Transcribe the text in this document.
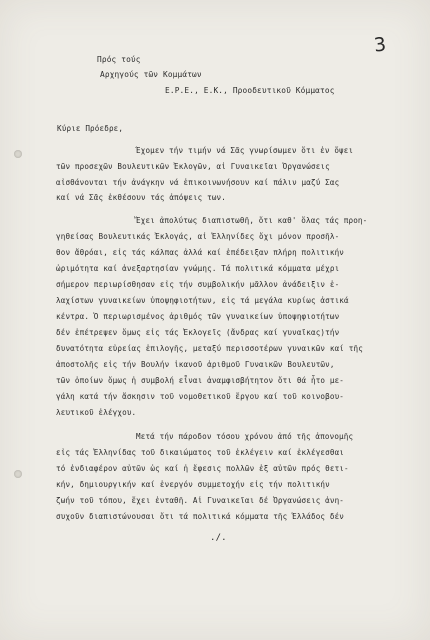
3
Πρός τούς
Αρχηγούς τῶν Κομμάτων
Ε.Ρ.Ε., Ε.Κ., Προοδευτικοῦ Κόμματος
Κύριε Πρόεδρε,
Έχομεν τήν τιμήν νά Σᾶς γνωρίσωμεν ὅτι ἐν ὄψει
τῶν προσεχῶν Βουλευτικῶν Ἐκλογῶν, αἱ Γυναικεῖαι Ὀργανώσεις
αἰσθάνονται τήν ἀνάγκην νά ἐπικοινωνήσουν καί πάλιν μαζύ Σας
καί νά Σᾶς ἐκθέσουν τάς ἀπόψεις των.
Ἔχει ἀπολύτως διαπιστωθῆ, ὅτι καθ' ὅλας τάς προη-
γηθείσας Βουλευτικάς Ἐκλογάς, αἱ Ἑλληνίδες ὄχι μόνον προσῆλ-
θον ἄθρόαι, εἰς τάς κάλπας ἀλλά καί ἐπέδειξαν πλήρη πολιτικήν
ὡριμότητα καί ἀνεξαρτησίαν γνώμης. Τά πολιτικά κόμματα μέχρι
σήμερον περιωρίσθησαν εἰς τήν συμβολικήν μᾶλλον ἀνάδειξιν ἐ-
λαχίστων γυναικείων ὑποψηφιοτήτων, εἰς τά μεγάλα κυρίως ἀστικά
κέντρα. Ὁ περιωρισμένος ἀριθμός τῶν γυναικείων ὑποψηφιοτήτων
δέν ἐπέτρεψεν ὅμως εἰς τάς Ἐκλογεῖς (ἄνδρας καί γυναῖκας)τήν
δυνατότητα εὐρείας ἐπιλογῆς, μεταξύ περισσοτέρων γυναικῶν καί τῆς
ἀποστολῆς εἰς τήν Βουλήν ἱκανοῦ ἀριθμοῦ Γυναικῶν Βουλευτῶν,
τῶν ὁποίων ὅμως ἡ συμβολή εἶναι ἀναμφισβήτητον ὅτι θά ἦτο με-
γάλη κατά τήν ἄσκησιν τοῦ νομοθετικοῦ ἔργου καί τοῦ κοινοβου-
λευτικοῦ ἐλέγχου.
Μετά τήν πάροδον τόσου χρόνου ἀπό τῆς ἀπονομῆς
εἰς τάς Ἑλληνίδας τοῦ δικαιώματος τοῦ ἐκλέγειν καί ἐκλέγεσθαι
τό ἐνδιαφέρον αὐτῶν ὡς καί ἡ ἔφεσις πολλῶν ἐξ αὐτῶν πρός θετι-
κήν, δημιουργικήν καί ἐνεργόν συμμετοχήν εἰς τήν πολιτικήν
ζωήν τοῦ τόπου, ἔχει ἐνταθῆ. Αἱ Γυναικεῖαι δέ Ὀργανώσεις ἀνη-
συχοῦν διαπιστώνουσαι ὅτι τά πολιτικά κόμματα τῆς Ἑλλάδος δέν
./.
